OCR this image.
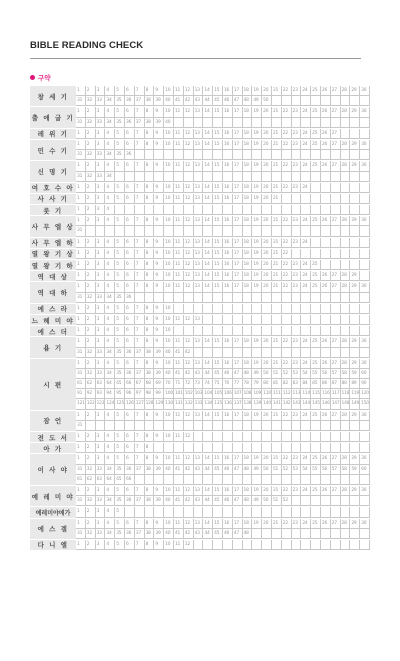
BIBLE READING CHECK
구약
창 세 기
1	2	3	4	5	6	7	8	9	10	11	12	13	14	15	16	17	18	19	20	21	22	23	24	25	26	27	28	29	30
31	32	33	34	35	36	37	38	39	40	41	42	43	44	45	46	47	48	49	50
출 애 굽 기
1	2	3	4	5	6	7	8	9	10	11	12	13	14	15	16	17	18	19	20	21	22	23	24	25	26	27	28	29	30
31	32	33	34	35	36	37	38	39	40
레 위 기	1	2	3	4	5	6	7	8	9	10	11	12	13	14	15	16	17	18	19	20	21	22	23	24	25	26	27
민 수 기
1	2	3	4	5	6	7	8	9	10	11	12	13	14	15	16	17	18	19	20	21	22	23	24	25	26	27	28	29	30
31	32	33	34	35	36
신 명 기
1	2	3	4	5	6	7	8	9	10	11	12	13	14	15	16	17	18	19	20	21	22	23	24	25	26	27	28	29	30
31	32	33	34
여 호 수 아 1	2	3	4	5	6	7	8	9	10	11	12	13	14	15	16	17	18	19	20	21	22	23	24
사 사 기	1	2	3	4	5	6	7	8	9	10	11	12	13	14	15	16	17	18	19	20	21
룻 기	1	2	3	4
사 무 엘 상
1	2	3	4	5	6	7	8	9	10	11	12	13	14	15	16	17	18	19	20	21	22	23	24	25	26	27	28	29	30
31
사 무 엘 하 1	2	3	4	5	6	7	8	9	10	11	12	13	14	15	16	17	18	19	20	21	22	23	24
열 왕 기 상 1	2	3	4	5	6	7	8	9	10	11	12	13	14	15	16	17	18	19	20	21	22
열 왕 기 하 1	2	3	4	5	6	7	8	9	10	11	12	13	14	15	16	17	18	19	20	21	22	23	24	25
역 대 상	1	2	3	4	5	6	7	8	9	10	11	12	13	14	15	16	17	18	19	20	21	22	23	24	25	26	27	28	29
역 대 하
1	2	3	4	5	6	7	8	9	10	11	12	13	14	15	16	17	18	19	20	21	22	23	24	25	26	27	28	29	30
31	32	33	34	35	36
에 스 라	1	2	3	4	5	6	7	8	9	10
느 헤 미 야 1	2	3	4	5	6	7	8	9	10	11	12	13
에 스 더	1	2	3	4	5	6	7	8	9	10
욥 기
1	2	3	4	5	6	7	8	9	10	11	12	13	14	15	16	17	18	19	20	21	22	23	24	25	26	27	28	29	30
31	32	33	34	35	36	37	38	39	40	41	42
시 편
1	2	3	4	5	6	7	8	9	10	11	12	13	14	15	16	17	18	19	20	21	22	23	24	25	26	27	28	29	30
31	32	33	34	35	36	37	38	39	40	41	42	43	44	45	46	47	48	49	50	51	52	53	54	55	56	57	58	59	60
61	62	63	64	65	66	67	68	69	70	71	72	73	74	75	76	77	78	79	80	81	82	83	84	85	86	87	88	89	90
91	92	93	94	95	96	97	98	99	100 101 102 103 104 105 106 107 108 109 110 111 112 113 114 115 116 117 118 119 120
121 122 123 124 125 126 127 128 129 130 131 132 133 134 135 136 137 138 139 140 141 142 143 144 145 146 147 148 149 150
잠 언
1	2	3	4	5	6	7	8	9	10	11	12	13	14	15	16	17	18	19	20	21	22	23	24	25	26	27	28	29	30
31
전 도 서	1	2	3	4	5	6	7	8	9	10	11	12
아 가	1	2	3	4	5	6	7	8
이 사 야
1	2	3	4	5	6	7	8	9	10	11	12	13	14	15	16	17	18	19	20	21	22	23	24	25	26	27	28	29	30
31	32	33	34	35	36	37	38	39	40	41	42	43	44	45	46	47	48	49	50	51	52	53	54	55	56	57	58	59	60
61	62	63	64	65	66
예 레 미 야
1	2	3	4	5	6	7	8	9	10	11	12	13	14	15	16	17	18	19	20	21	22	23	24	25	26	27	28	29	30
31	32	33	34	35	36	37	38	39	40	41	42	43	44	45	46	47	48	49	50	51	52
예레미야애가	1	2	3	4	5
에 스 겔
1	2	3	4	5	6	7	8	9	10	11	12	13	14	15	16	17	18	19	20	21	22	23	24	25	26	27	28	29	30
31	32	33	34	35	36	37	38	39	40	41	42	43	44	45	46	47	48
다 니 엘	1	2	3	4	5	6	7	8	9	10	11	12
